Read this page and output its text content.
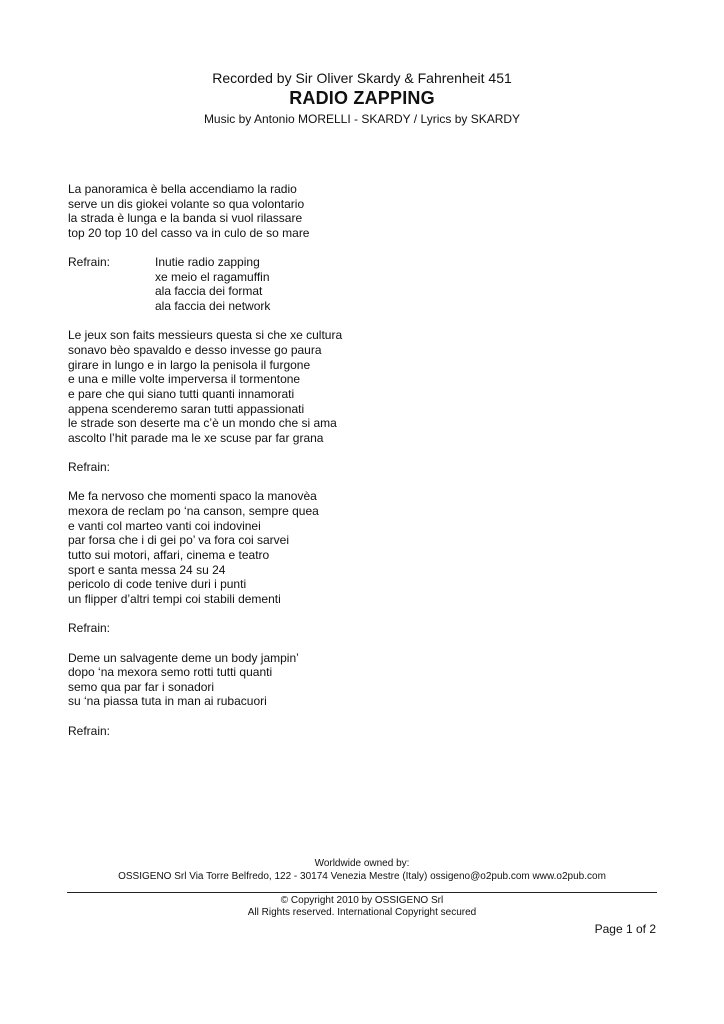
Recorded by Sir Oliver Skardy & Fahrenheit 451
RADIO ZAPPING
Music by Antonio MORELLI - SKARDY / Lyrics by SKARDY
La panoramica è bella accendiamo la radio
serve un dis giokei volante so qua volontario
la strada è lunga e la banda si vuol rilassare
top 20 top 10 del casso va in culo de so mare
Refrain:	Inutie radio zapping
xe meio el ragamuffin
ala faccia dei format
ala faccia dei network
Le jeux son faits messieurs questa si che xe cultura
sonavo bèo spavaldo e desso invesse go paura
girare in lungo e in largo la penisola il furgone
e una e mille volte imperversa il tormentone
e pare che qui siano tutti quanti innamorati
appena scenderemo saran tutti appassionati
le strade son deserte ma c’è un mondo che si ama
ascolto l’hit parade ma le xe scuse par far grana
Refrain:
Me fa nervoso che momenti spaco la manovèa
mexora de reclam po ‘na canson, sempre quea
e vanti col marteo vanti coi indovinei
par forsa che i di gei po’ va fora coi sarvei
tutto sui motori, affari, cinema e teatro
sport e santa messa 24 su 24
pericolo di code tenive duri i punti
un flipper d’altri tempi coi stabili dementi
Refrain:
Deme un salvagente deme un body jampin’
dopo ‘na mexora semo rotti tutti quanti
semo qua par far i sonadori
su ‘na piassa tuta in man ai rubacuori
Refrain:
Worldwide owned by:
OSSIGENO Srl Via Torre Belfredo, 122 - 30174 Venezia Mestre (Italy) ossigeno@o2pub.com www.o2pub.com
© Copyright 2010 by OSSIGENO Srl
All Rights reserved. International Copyright secured
Page 1 of 2
